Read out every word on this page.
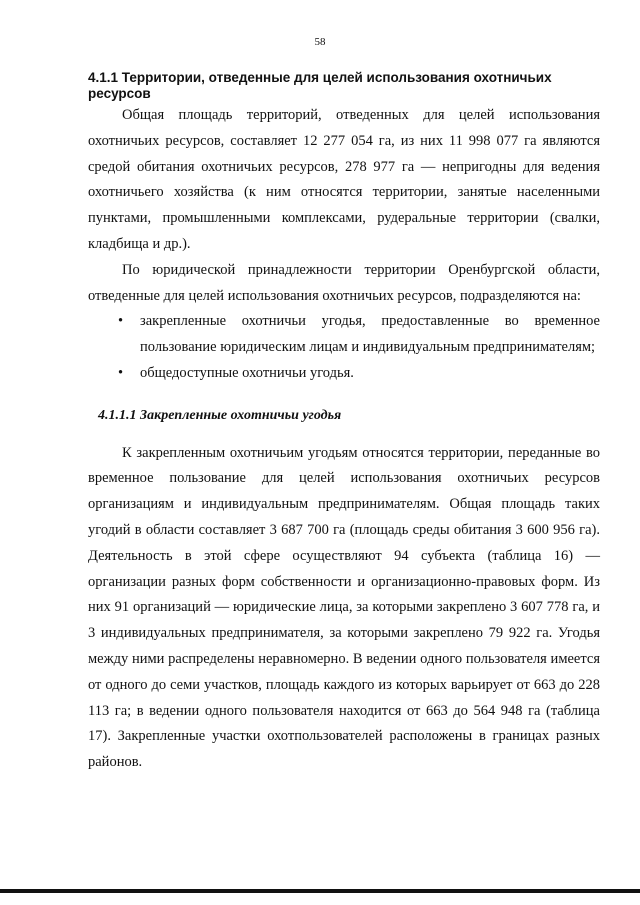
58
4.1.1 Территории, отведенные для целей использования охотничьих ресурсов

Общая площадь территорий, отведенных для целей использования охотничьих ресурсов, составляет 12 277 054 га, из них 11 998 077 га являются средой обитания охотничьих ресурсов, 278 977 га — непригодны для ведения охотничьего хозяйства (к ним относятся территории, занятые населенными пунктами, промышленными комплексами, рудеральные территории (свалки, кладбища и др.).

По юридической принадлежности территории Оренбургской области, отведенные для целей использования охотничьих ресурсов, подразделяются на:

• закрепленные охотничьи угодья, предоставленные во временное пользование юридическим лицам и индивидуальным предпринимателям;
• общедоступные охотничьи угодья.
4.1.1.1 Закрепленные охотничьи угодья

К закрепленным охотничьим угодьям относятся территории, переданные во временное пользование для целей использования охотничьих ресурсов организациям и индивидуальным предпринимателям. Общая площадь таких угодий в области составляет 3 687 700 га (площадь среды обитания 3 600 956 га). Деятельность в этой сфере осуществляют 94 субъекта (таблица 16) — организации разных форм собственности и организационно-правовых форм. Из них 91 организаций — юридические лица, за которыми закреплено 3 607 778 га, и 3 индивидуальных предпринимателя, за которыми закреплено 79 922 га. Угодья между ними распределены неравномерно. В ведении одного пользователя имеется от одного до семи участков, площадь каждого из которых варьирует от 663 до 228 113 га; в ведении одного пользователя находится от 663 до 564 948 га (таблица 17). Закрепленные участки охотпользователей расположены в границах разных районов.
